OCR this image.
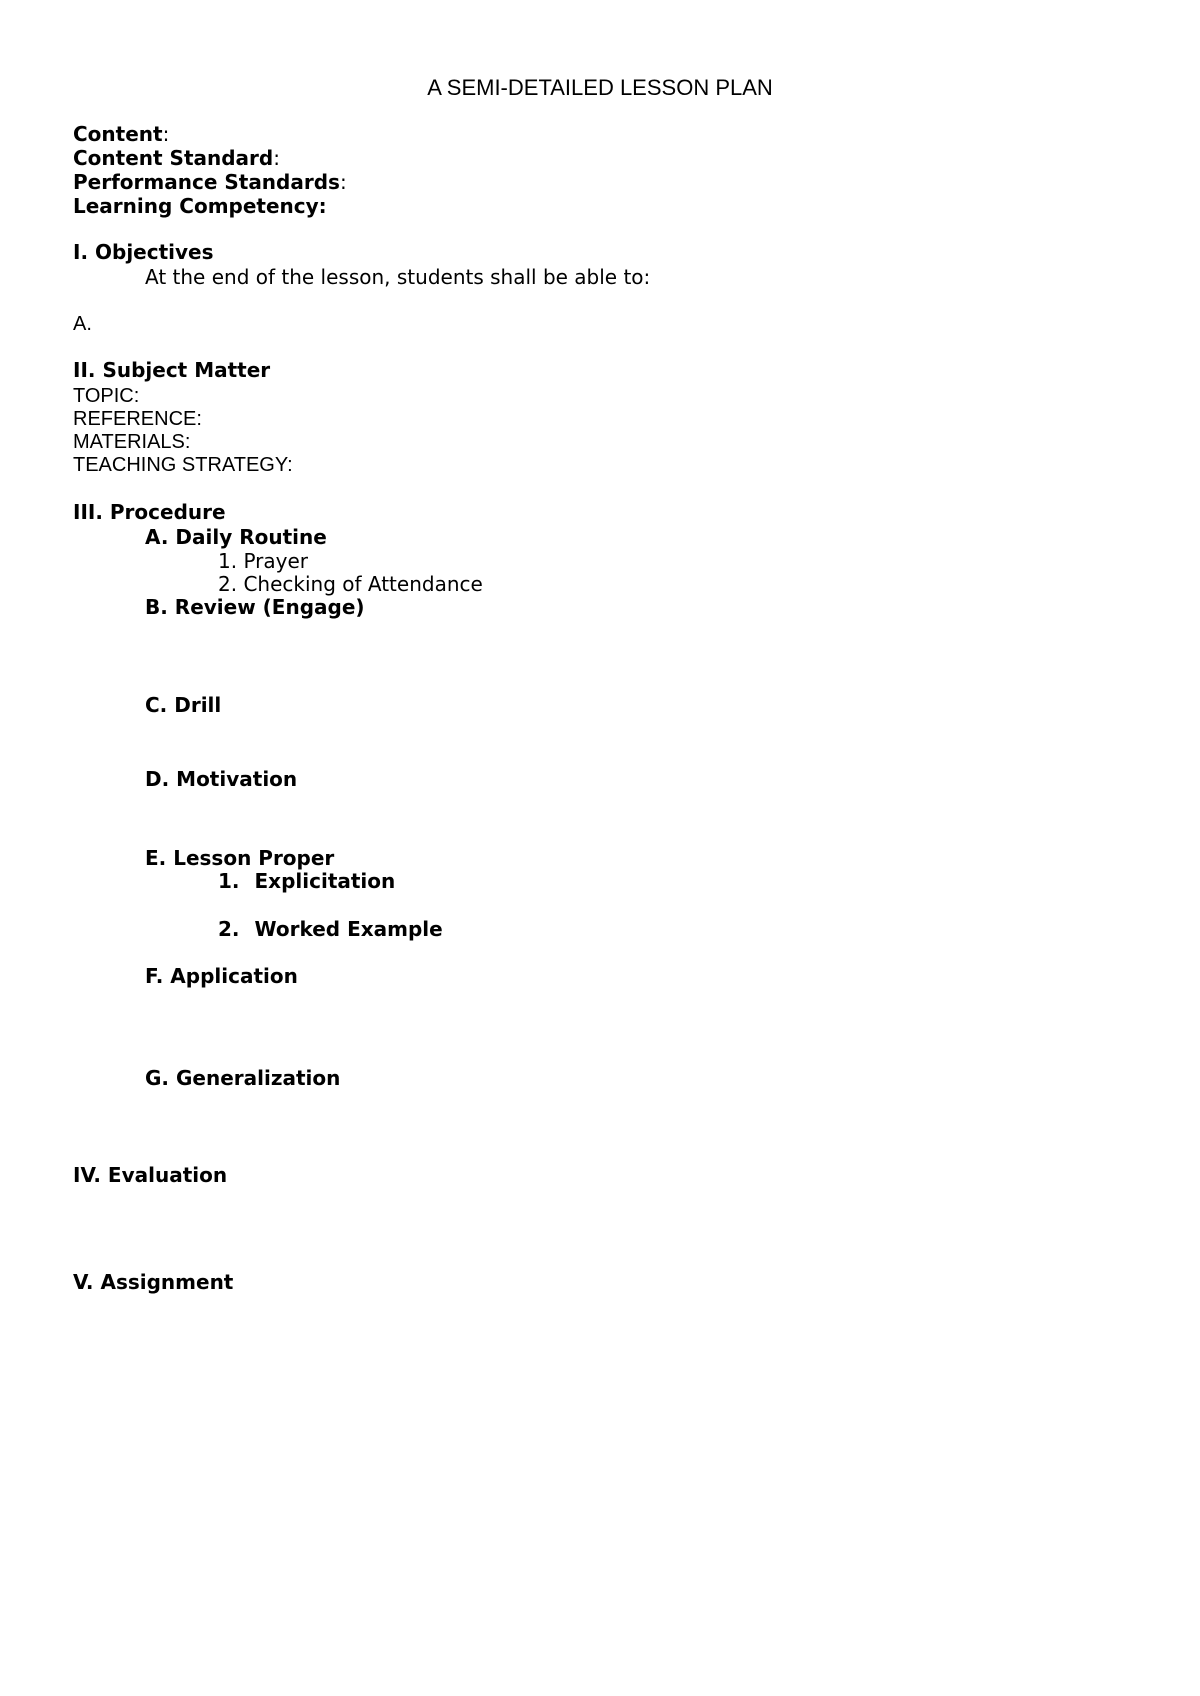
A SEMI-DETAILED LESSON PLAN
Content:
Content Standard:
Performance Standards:
Learning Competency:
I. Objectives
At the end of the lesson, students shall be able to:
A.
II. Subject Matter
TOPIC:
REFERENCE:
MATERIALS:
TEACHING STRATEGY:
III. Procedure
A. Daily Routine
1. Prayer
2. Checking of Attendance
B. Review (Engage)
C. Drill
D. Motivation
E. Lesson Proper
1. Explicitation
2. Worked Example
F. Application
G. Generalization
IV. Evaluation
V. Assignment
